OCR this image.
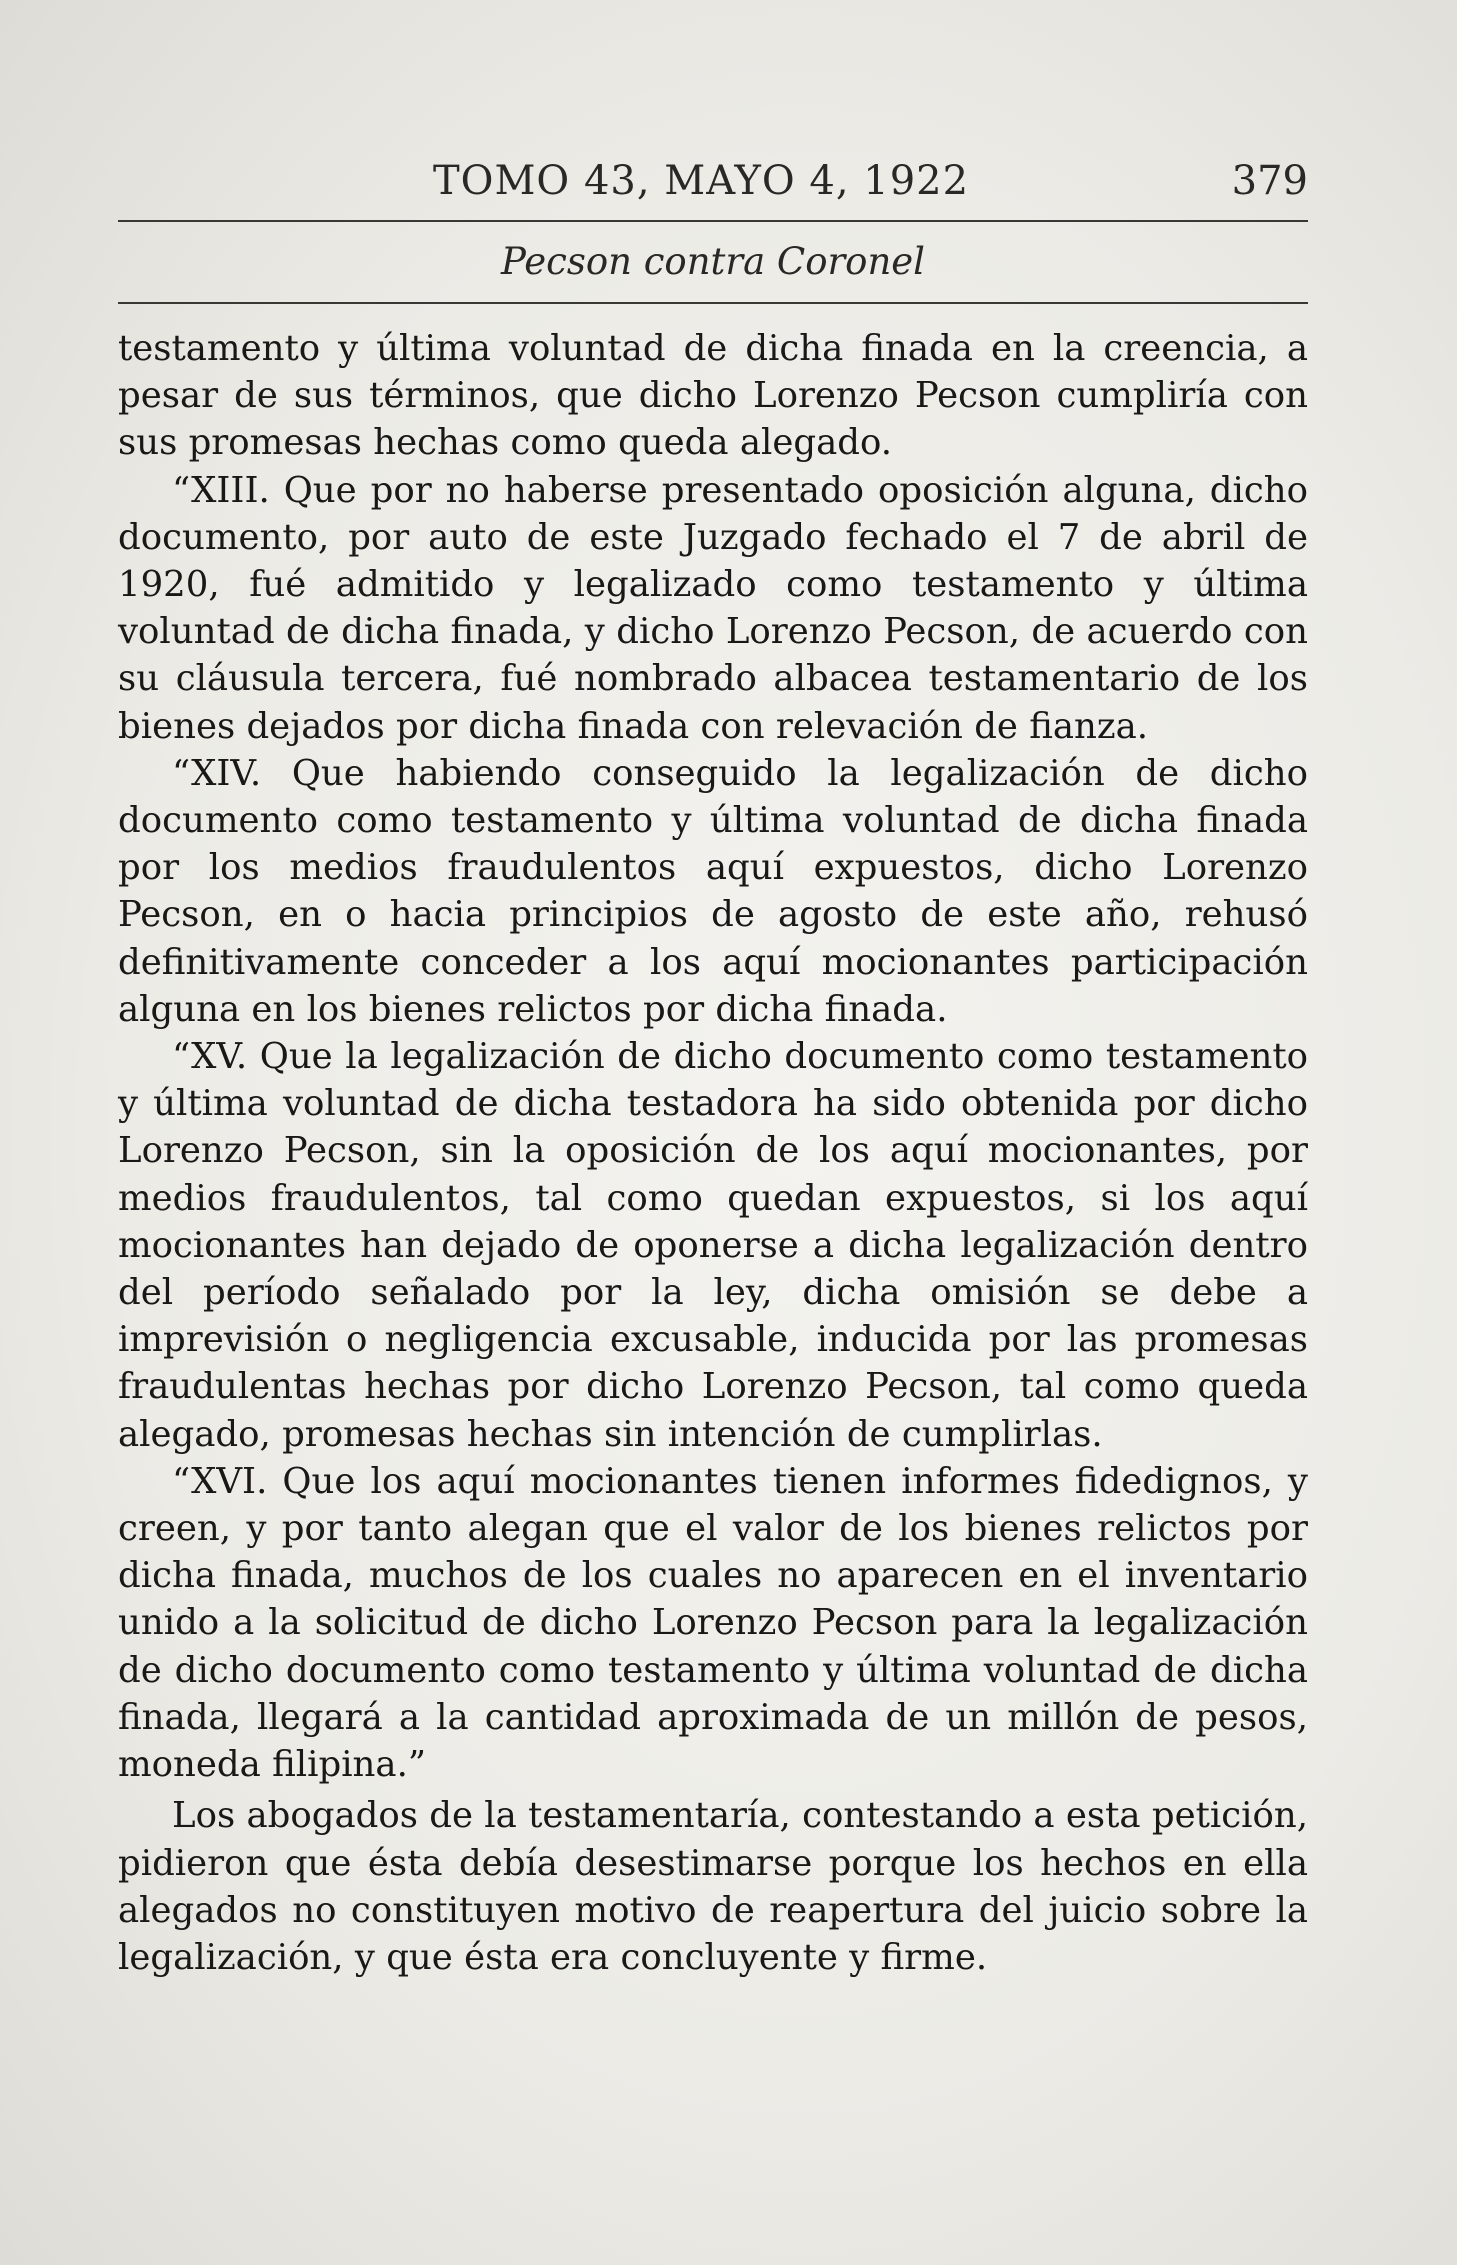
TOMO 43, MAYO 4, 1922	379
Pecson contra Coronel

testamento y última voluntad de dicha finada en la creencia, a pesar de sus términos, que dicho Lorenzo Pecson cumpliría con sus promesas hechas como queda alegado.

“XIII. Que por no haberse presentado oposición alguna, dicho documento, por auto de este Juzgado fechado el 7 de abril de 1920, fué admitido y legalizado como testamento y última voluntad de dicha finada, y dicho Lorenzo Pecson, de acuerdo con su cláusula tercera, fué nombrado albacea testamentario de los bienes dejados por dicha finada con relevación de fianza.

“XIV. Que habiendo conseguido la legalización de dicho documento como testamento y última voluntad de dicha finada por los medios fraudulentos aquí expuestos, dicho Lorenzo Pecson, en o hacia principios de agosto de este año, rehusó definitivamente conceder a los aquí mocionantes participación alguna en los bienes relictos por dicha finada.

“XV. Que la legalización de dicho documento como testamento y última voluntad de dicha testadora ha sido obtenida por dicho Lorenzo Pecson, sin la oposición de los aquí mocionantes, por medios fraudulentos, tal como quedan expuestos, si los aquí mocionantes han dejado de oponerse a dicha legalización dentro del período señalado por la ley, dicha omisión se debe a imprevisión o negligencia excusable, inducida por las promesas fraudulentas hechas por dicho Lorenzo Pecson, tal como queda alegado, promesas hechas sin intención de cumplirlas.

“XVI. Que los aquí mocionantes tienen informes fidedignos, y creen, y por tanto alegan que el valor de los bienes relictos por dicha finada, muchos de los cuales no aparecen en el inventario unido a la solicitud de dicho Lorenzo Pecson para la legalización de dicho documento como testamento y última voluntad de dicha finada, llegará a la cantidad aproximada de un millón de pesos, moneda filipina.”

Los abogados de la testamentaría, contestando a esta petición, pidieron que ésta debía desestimarse porque los hechos en ella alegados no constituyen motivo de reapertura del juicio sobre la legalización, y que ésta era concluyente y firme.
